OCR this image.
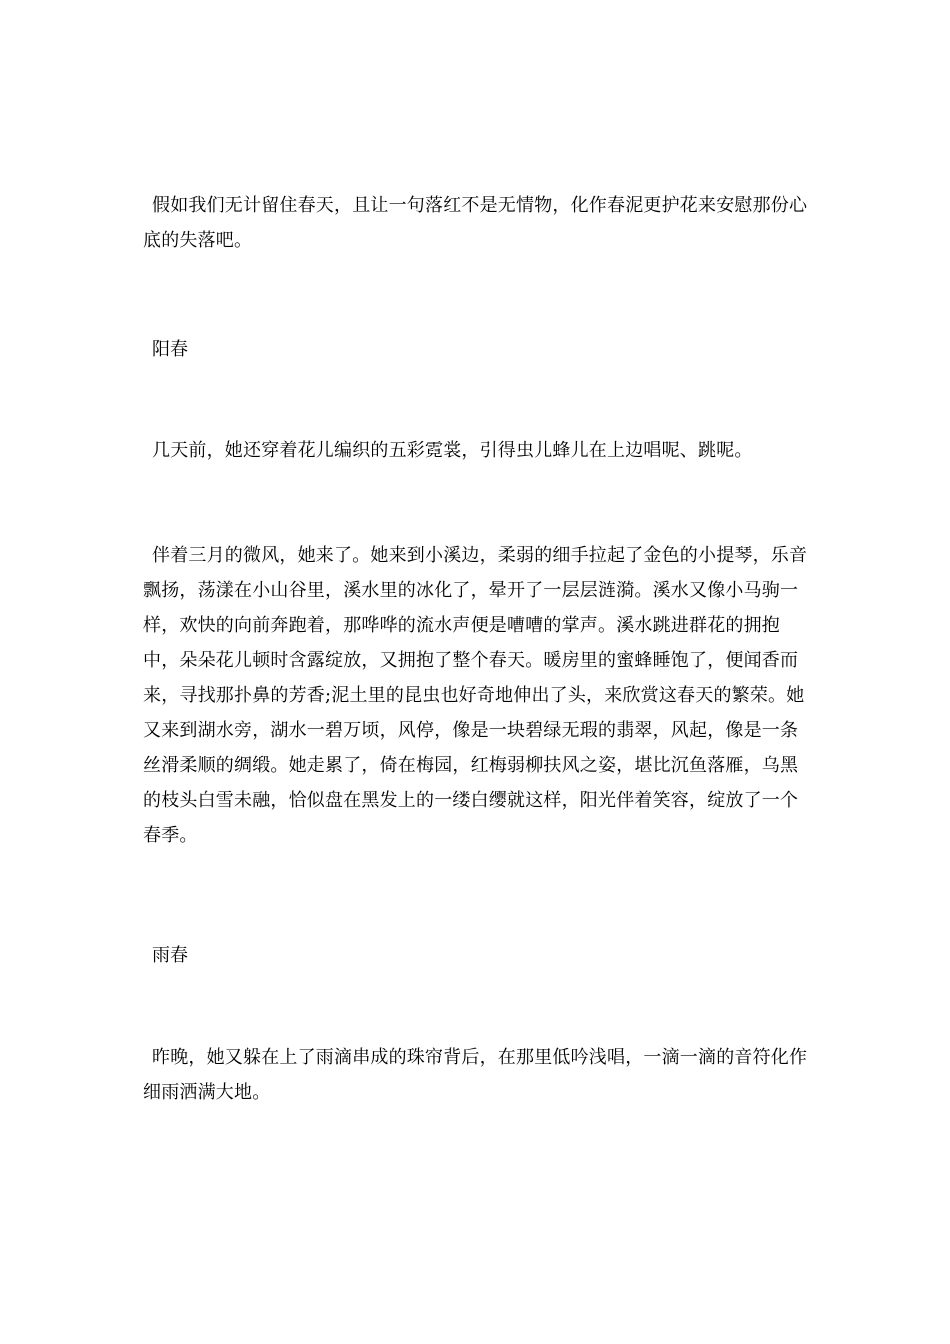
假如我们无计留住春天，且让一句落红不是无情物，化作春泥更护花来安慰那份心底的失落吧。

阳春

几天前，她还穿着花儿编织的五彩霓裳，引得虫儿蜂儿在上边唱呢、跳呢。

伴着三月的微风，她来了。她来到小溪边，柔弱的细手拉起了金色的小提琴，乐音飘扬，荡漾在小山谷里，溪水里的冰化了，晕开了一层层涟漪。溪水又像小马驹一样，欢快的向前奔跑着，那哗哗的流水声便是嘈嘈的掌声。溪水跳进群花的拥抱中，朵朵花儿顿时含露绽放，又拥抱了整个春天。暖房里的蜜蜂睡饱了，便闻香而来，寻找那扑鼻的芳香;泥土里的昆虫也好奇地伸出了头，来欣赏这春天的繁荣。她又来到湖水旁，湖水一碧万顷，风停，像是一块碧绿无瑕的翡翠，风起，像是一条丝滑柔顺的绸缎。她走累了，倚在梅园，红梅弱柳扶风之姿，堪比沉鱼落雁，乌黑的枝头白雪未融，恰似盘在黑发上的一缕白缨就这样，阳光伴着笑容，绽放了一个春季。

雨春

昨晚，她又躲在上了雨滴串成的珠帘背后，在那里低吟浅唱，一滴一滴的音符化作细雨洒满大地。
